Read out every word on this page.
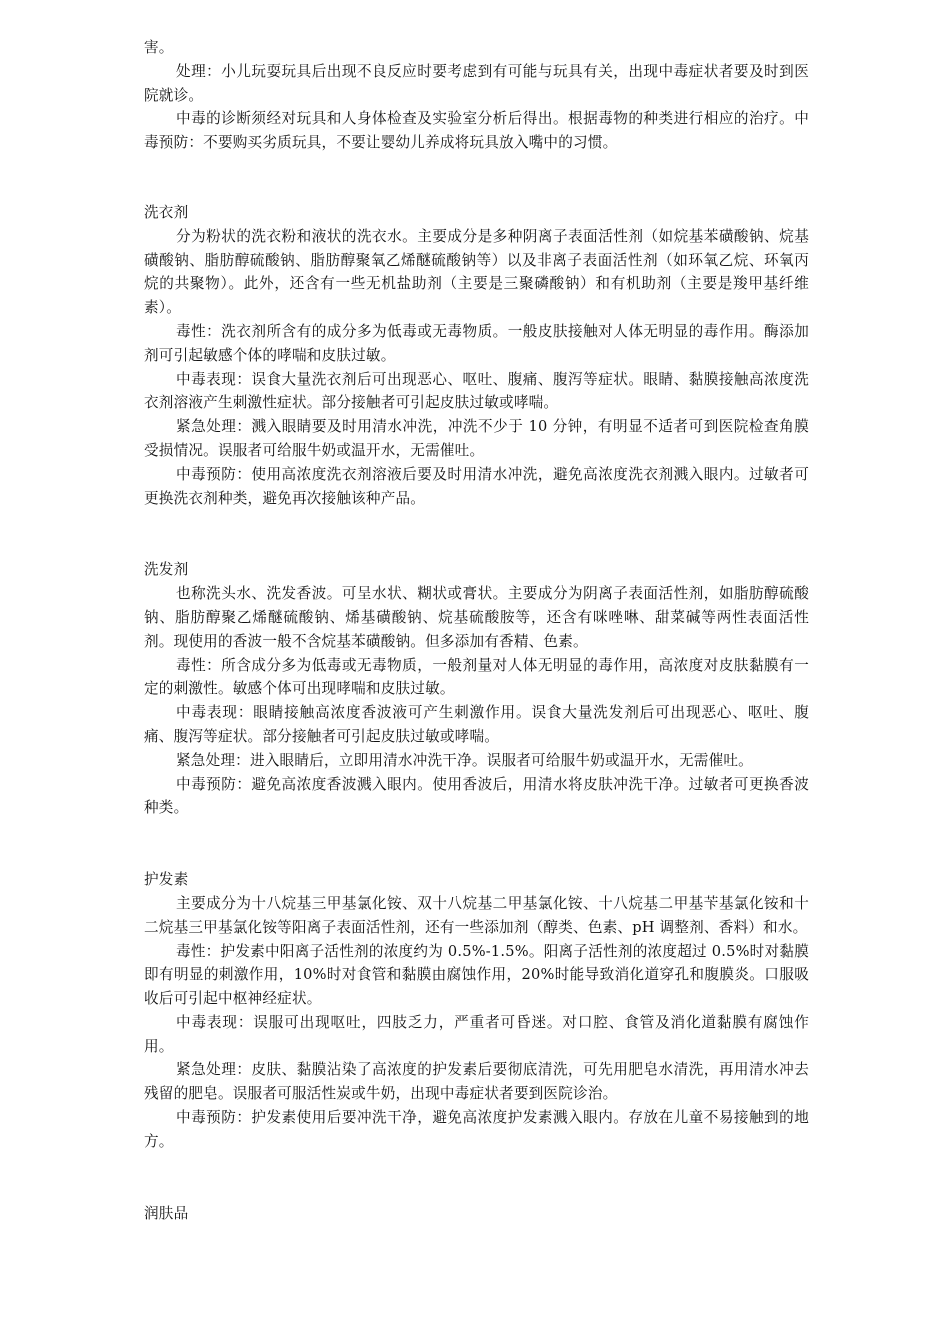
害。

处理：小儿玩耍玩具后出现不良反应时要考虑到有可能与玩具有关，出现中毒症状者要及时到医院就诊。

中毒的诊断须经对玩具和人身体检查及实验室分析后得出。根据毒物的种类进行相应的治疗。中毒预防：不要购买劣质玩具，不要让婴幼儿养成将玩具放入嘴中的习惯。

洗衣剂

分为粉状的洗衣粉和液状的洗衣水。主要成分是多种阴离子表面活性剂（如烷基苯磺酸钠、烷基磺酸钠、脂肪醇硫酸钠、脂肪醇聚氧乙烯醚硫酸钠等）以及非离子表面活性剂（如环氧乙烷、环氧丙烷的共聚物）。此外，还含有一些无机盐助剂（主要是三聚磷酸钠）和有机助剂（主要是羧甲基纤维素）。

毒性：洗衣剂所含有的成分多为低毒或无毒物质。一般皮肤接触对人体无明显的毒作用。酶添加剂可引起敏感个体的哮喘和皮肤过敏。

中毒表现：误食大量洗衣剂后可出现恶心、呕吐、腹痛、腹泻等症状。眼睛、黏膜接触高浓度洗衣剂溶液产生刺激性症状。部分接触者可引起皮肤过敏或哮喘。

紧急处理：溅入眼睛要及时用清水冲洗，冲洗不少于 10 分钟，有明显不适者可到医院检查角膜受损情况。误服者可给服牛奶或温开水，无需催吐。

中毒预防：使用高浓度洗衣剂溶液后要及时用清水冲洗，避免高浓度洗衣剂溅入眼内。过敏者可更换洗衣剂种类，避免再次接触该种产品。

洗发剂

也称洗头水、洗发香波。可呈水状、糊状或膏状。主要成分为阴离子表面活性剂，如脂肪醇硫酸钠、脂肪醇聚乙烯醚硫酸钠、烯基磺酸钠、烷基硫酸胺等，还含有咪唑啉、甜菜碱等两性表面活性剂。现使用的香波一般不含烷基苯磺酸钠。但多添加有香精、色素。

毒性：所含成分多为低毒或无毒物质，一般剂量对人体无明显的毒作用，高浓度对皮肤黏膜有一定的刺激性。敏感个体可出现哮喘和皮肤过敏。

中毒表现：眼睛接触高浓度香波液可产生刺激作用。误食大量洗发剂后可出现恶心、呕吐、腹痛、腹泻等症状。部分接触者可引起皮肤过敏或哮喘。

紧急处理：进入眼睛后，立即用清水冲洗干净。误服者可给服牛奶或温开水，无需催吐。

中毒预防：避免高浓度香波溅入眼内。使用香波后，用清水将皮肤冲洗干净。过敏者可更换香波种类。

护发素

主要成分为十八烷基三甲基氯化铵、双十八烷基二甲基氯化铵、十八烷基二甲基苄基氯化铵和十二烷基三甲基氯化铵等阳离子表面活性剂，还有一些添加剂（醇类、色素、pH 调整剂、香料）和水。

毒性：护发素中阳离子活性剂的浓度约为 0.5%-1.5%。阳离子活性剂的浓度超过 0.5%时对黏膜即有明显的刺激作用，10%时对食管和黏膜由腐蚀作用，20%时能导致消化道穿孔和腹膜炎。口服吸收后可引起中枢神经症状。

中毒表现：误服可出现呕吐，四肢乏力，严重者可昏迷。对口腔、食管及消化道黏膜有腐蚀作用。

紧急处理：皮肤、黏膜沾染了高浓度的护发素后要彻底清洗，可先用肥皂水清洗，再用清水冲去残留的肥皂。误服者可服活性炭或牛奶，出现中毒症状者要到医院诊治。

中毒预防：护发素使用后要冲洗干净，避免高浓度护发素溅入眼内。存放在儿童不易接触到的地方。

润肤品
